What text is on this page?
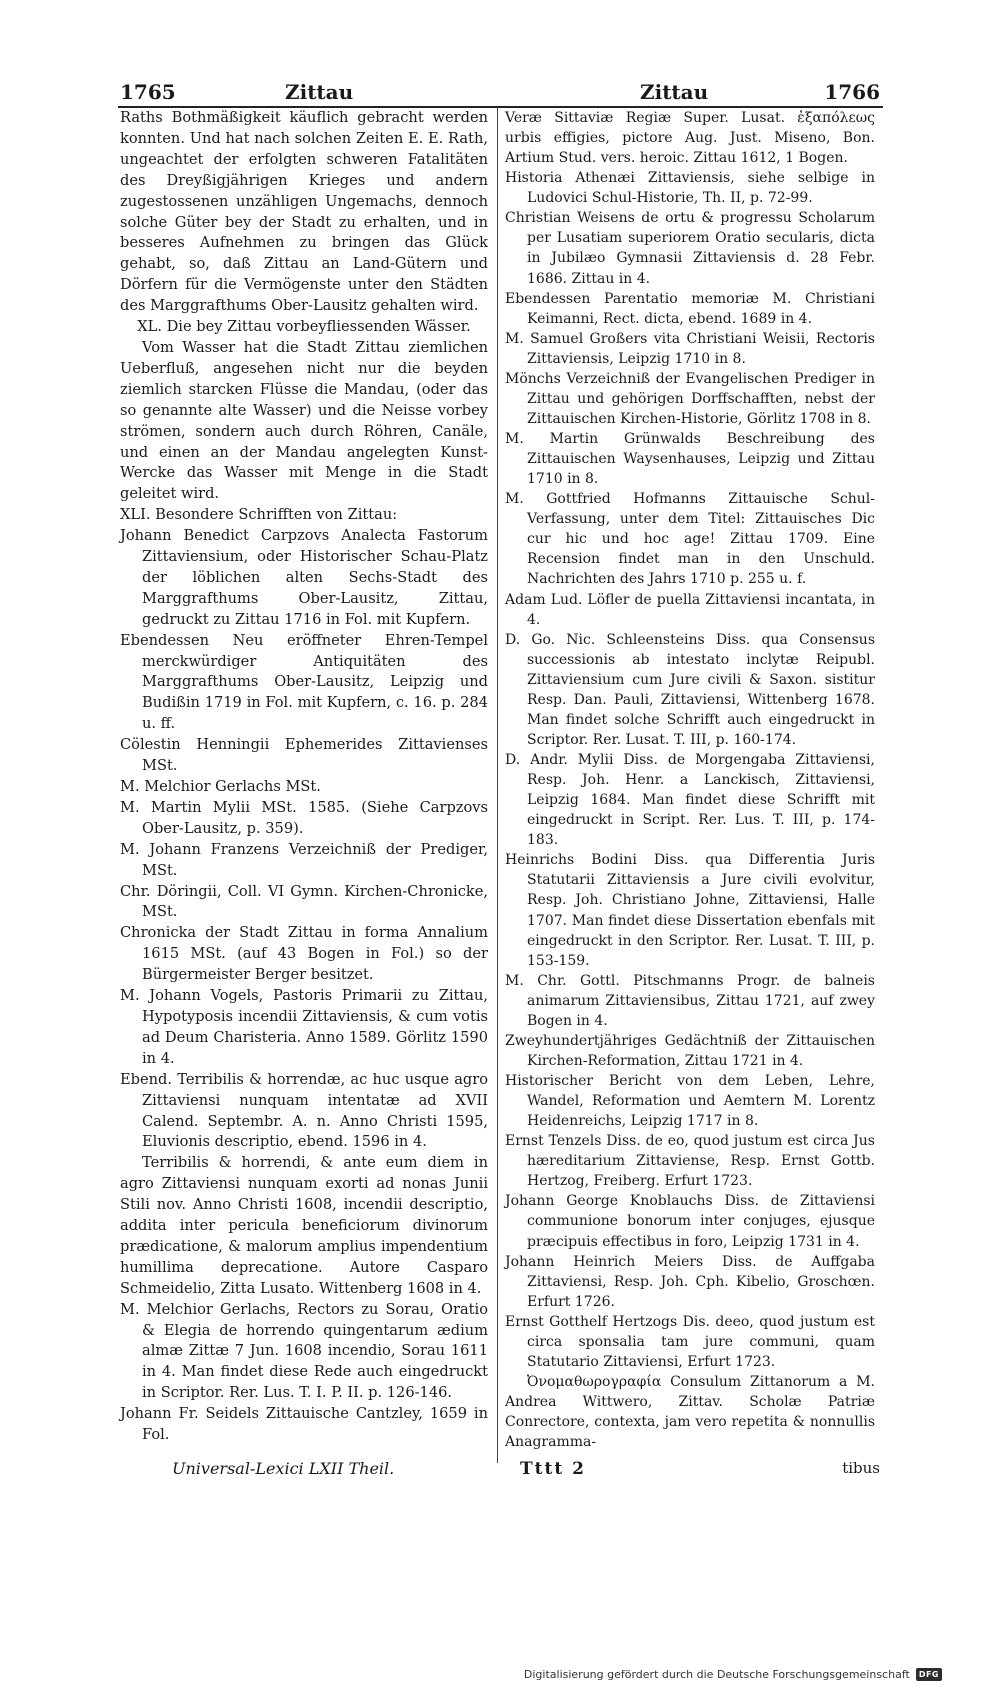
1765	Zittau	Zittau	1766

Raths Bothmäßigkeit käuflich gebracht werden konnten. Und hat nach solchen Zeiten E. E. Rath, ungeachtet der erfolgten schweren Fatalitäten des Dreyßigjährigen Krieges und andern zugestossenen unzähligen Ungemachs, dennoch solche Güter bey der Stadt zu erhalten, und in besseres Aufnehmen zu bringen das Glück gehabt, so, daß Zittau an Land-Gütern und Dörfern für die Vermögenste unter den Städten des Marggrafthums Ober-Lausitz gehalten wird.

XL. Die bey Zittau vorbeyfliessenden Wässer.

Vom Wasser hat die Stadt Zittau ziemlichen Ueberfluß, angesehen nicht nur die beyden ziemlich starcken Flüsse die Mandau, (oder das so genannte alte Wasser) und die Neisse vorbey strömen, sondern auch durch Röhren, Canäle, und einen an der Mandau angelegten Kunst-Wercke das Wasser mit Menge in die Stadt geleitet wird.

XLI. Besondere Schrifften von Zittau:

Johann Benedict Carpzovs Analecta Fastorum Zittaviensium, oder Historischer Schau-Platz der löblichen alten Sechs-Stadt des Marggrafthums Ober-Lausitz, Zittau, gedruckt zu Zittau 1716 in Fol. mit Kupfern.

Ebendessen Neu eröffneter Ehren-Tempel merckwürdiger Antiquitäten des Marggrafthums Ober-Lausitz, Leipzig und Budißin 1719 in Fol. mit Kupfern, c. 16. p. 284 u. ff.

Cölestin Henningii Ephemerides Zittavienses MSt.

M. Melchior Gerlachs MSt.

M. Martin Mylii MSt. 1585. (Siehe Carpzovs Ober-Lausitz, p. 359).

M. Johann Franzens Verzeichniß der Prediger, MSt.

Chr. Döringii, Coll. VI Gymn. Kirchen-Chronicke, MSt.

Chronicka der Stadt Zittau in forma Annalium 1615 MSt. (auf 43 Bogen in Fol.) so der Bürgermeister Berger besitzet.

M. Johann Vogels, Pastoris Primarii zu Zittau, Hypotyposis incendii Zittaviensis, & cum votis ad Deum Charisteria. Anno 1589. Görlitz 1590 in 4.

Ebend. Terribilis & horrendæ, ac huc usque agro Zittaviensi nunquam intentatæ ad XVII Calend. Septembr. A. n. Anno Christi 1595, Eluvionis descriptio, ebend. 1596 in 4.

Terribilis & horrendi, & ante eum diem in agro Zittaviensi nunquam exorti ad nonas Junii Stili nov. Anno Christi 1608, incendii descriptio, addita inter pericula beneficiorum divinorum prædicatione, & malorum amplius impendentium humillima deprecatione. Autore Casparo Schmeidelio, Zitta Lusato. Wittenberg 1608 in 4.

M. Melchior Gerlachs, Rectors zu Sorau, Oratio & Elegia de horrendo quingentarum ædium almæ Zittæ 7 Jun. 1608 incendio, Sorau 1611 in 4. Man findet diese Rede auch eingedruckt in Scriptor. Rer. Lus. T. I. P. II. p. 126-146.

Johann Fr. Seidels Zittauische Cantzley, 1659 in Fol.

Veræ Sittaviæ Regiæ Super. Lusat. ἐξαπόλεως urbis effigies, pictore Aug. Just. Miseno, Bon. Artium Stud. vers. heroic. Zittau 1612, 1 Bogen.

Historia Athenæi Zittaviensis, siehe selbige in Ludovici Schul-Historie, Th. II, p. 72-99.

Christian Weisens de ortu & progressu Scholarum per Lusatiam superiorem Oratio secularis, dicta in Jubilæo Gymnasii Zittaviensis d. 28 Febr. 1686. Zittau in 4.

Ebendessen Parentatio memoriæ M. Christiani Keimanni, Rect. dicta, ebend. 1689 in 4.

M. Samuel Großers vita Christiani Weisii, Rectoris Zittaviensis, Leipzig 1710 in 8.

Mönchs Verzeichniß der Evangelischen Prediger in Zittau und gehörigen Dorffschafften, nebst der Zittauischen Kirchen-Historie, Görlitz 1708 in 8.

M. Martin Grünwalds Beschreibung des Zittauischen Waysenhauses, Leipzig und Zittau 1710 in 8.

M. Gottfried Hofmanns Zittauische Schul-Verfassung, unter dem Titel: Zittauisches Dic cur hic und hoc age! Zittau 1709. Eine Recension findet man in den Unschuld. Nachrichten des Jahrs 1710 p. 255 u. f.

Adam Lud. Löfler de puella Zittaviensi incantata, in 4.

D. Go. Nic. Schleensteins Diss. qua Consensus successionis ab intestato inclytæ Reipubl. Zittaviensium cum Jure civili & Saxon. sistitur Resp. Dan. Pauli, Zittaviensi, Wittenberg 1678. Man findet solche Schrifft auch eingedruckt in Scriptor. Rer. Lusat. T. III, p. 160-174.

D. Andr. Mylii Diss. de Morgengaba Zittaviensi, Resp. Joh. Henr. a Lanckisch, Zittaviensi, Leipzig 1684. Man findet diese Schrifft mit eingedruckt in Script. Rer. Lus. T. III, p. 174-183.

Heinrichs Bodini Diss. qua Differentia Juris Statutarii Zittaviensis a Jure civili evolvitur, Resp. Joh. Christiano Johne, Zittaviensi, Halle 1707. Man findet diese Dissertation ebenfals mit eingedruckt in den Scriptor. Rer. Lusat. T. III, p. 153-159.

M. Chr. Gottl. Pitschmanns Progr. de balneis animarum Zittaviensibus, Zittau 1721, auf zwey Bogen in 4.

Zweyhundertjähriges Gedächtniß der Zittauischen Kirchen-Reformation, Zittau 1721 in 4.

Historischer Bericht von dem Leben, Lehre, Wandel, Reformation und Aemtern M. Lorentz Heidenreichs, Leipzig 1717 in 8.

Ernst Tenzels Diss. de eo, quod justum est circa Jus hæreditarium Zittaviense, Resp. Ernst Gottb. Hertzog, Freiberg. Erfurt 1723.

Johann George Knoblauchs Diss. de Zittaviensi communione bonorum inter conjuges, ejusque præcipuis effectibus in foro, Leipzig 1731 in 4.

Johann Heinrich Meiers Diss. de Auffgaba Zittaviensi, Resp. Joh. Cph. Kibelio, Groschœn. Erfurt 1726.

Ernst Gotthelf Hertzogs Dis. deeo, quod justum est circa sponsalia tam jure communi, quam Statutario Zittaviensi, Erfurt 1723.

Ὀνομαθωρογραφία Consulum Zittanorum a M. Andrea Wittwero, Zittav. Scholæ Patriæ Conrectore, contexta, jam vero repetita & nonnullis Anagramma-

Universal-Lexici LXII Theil.	Tttt 2	tibus
Digitalisierung gefördert durch die Deutsche Forschungsgemeinschaft	DFG
